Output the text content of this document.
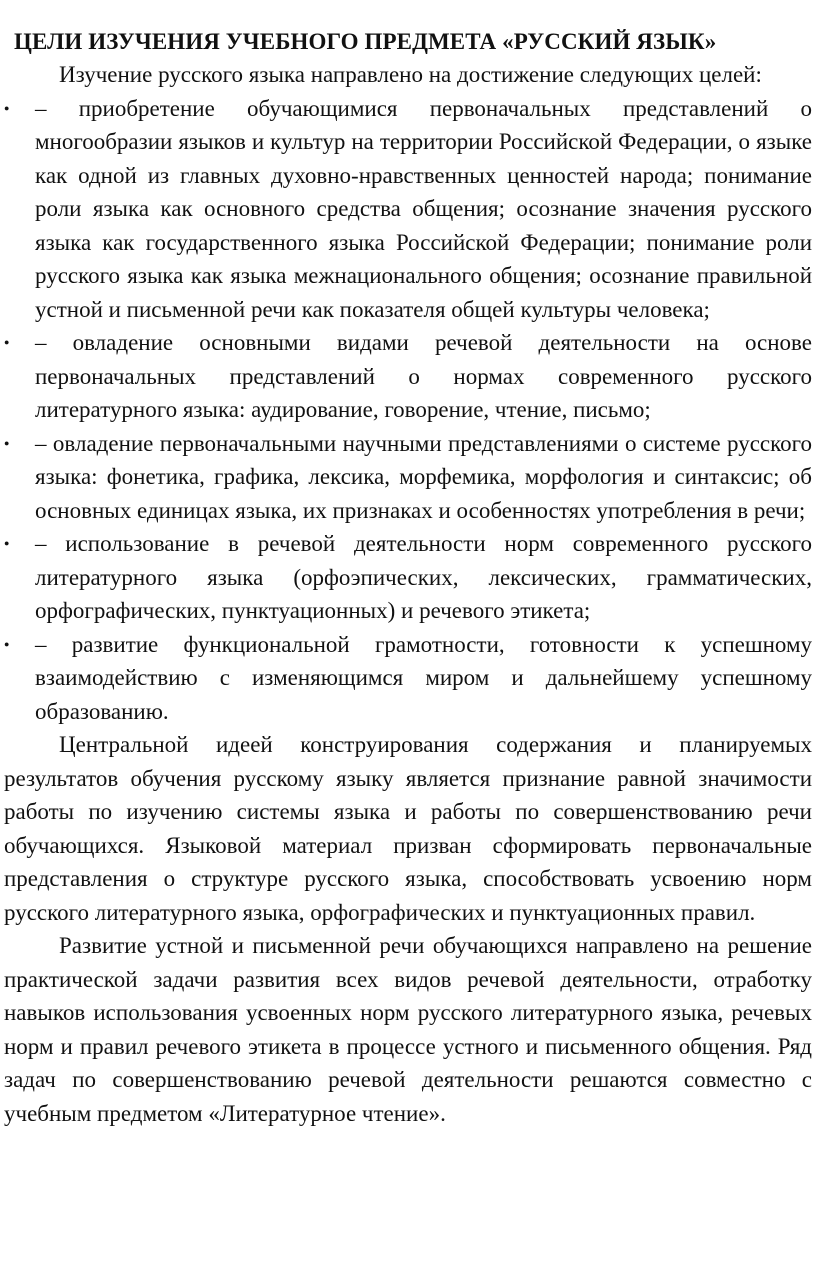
ЦЕЛИ ИЗУЧЕНИЯ УЧЕБНОГО ПРЕДМЕТА «РУССКИЙ ЯЗЫК»

Изучение русского языка направлено на достижение следующих целей:

●
– приобретение обучающимися первоначальных представлений о многообразии языков и культур на территории Российской Федерации, о языке как одной из главных духовно-нравственных ценностей народа; понимание роли языка как основного средства общения; осознание значения русского языка как государственного языка Российской Федерации; понимание роли русского языка как языка межнационального общения; осознание правильной устной и письменной речи как показателя общей культуры человека;
●
– овладение основными видами речевой деятельности на основе первоначальных представлений о нормах современного русского литературного языка: аудирование, говорение, чтение, письмо;
●
– овладение первоначальными научными представлениями о системе русского языка: фонетика, графика, лексика, морфемика, морфология и синтаксис; об основных единицах языка, их признаках и особенностях употребления в речи;
●
– использование в речевой деятельности норм современного русского литературного языка (орфоэпических, лексических, грамматических, орфографических, пунктуационных) и речевого этикета;
●
– развитие функциональной грамотности, готовности к успешному взаимодействию с изменяющимся миром и дальнейшему успешному образованию.

Центральной идеей конструирования содержания и планируемых результатов обучения русскому языку является признание равной значимости работы по изучению системы языка и работы по совершенствованию речи обучающихся. Языковой материал призван сформировать первоначальные представления о структуре русского языка, способствовать усвоению норм русского литературного языка, орфографических и пунктуационных правил.

Развитие устной и письменной речи обучающихся направлено на решение практической задачи развития всех видов речевой деятельности, отработку навыков использования усвоенных норм русского литературного языка, речевых норм и правил речевого этикета в процессе устного и письменного общения. Ряд задач по совершенствованию речевой деятельности решаются совместно с учебным предметом «Литературное чтение».
